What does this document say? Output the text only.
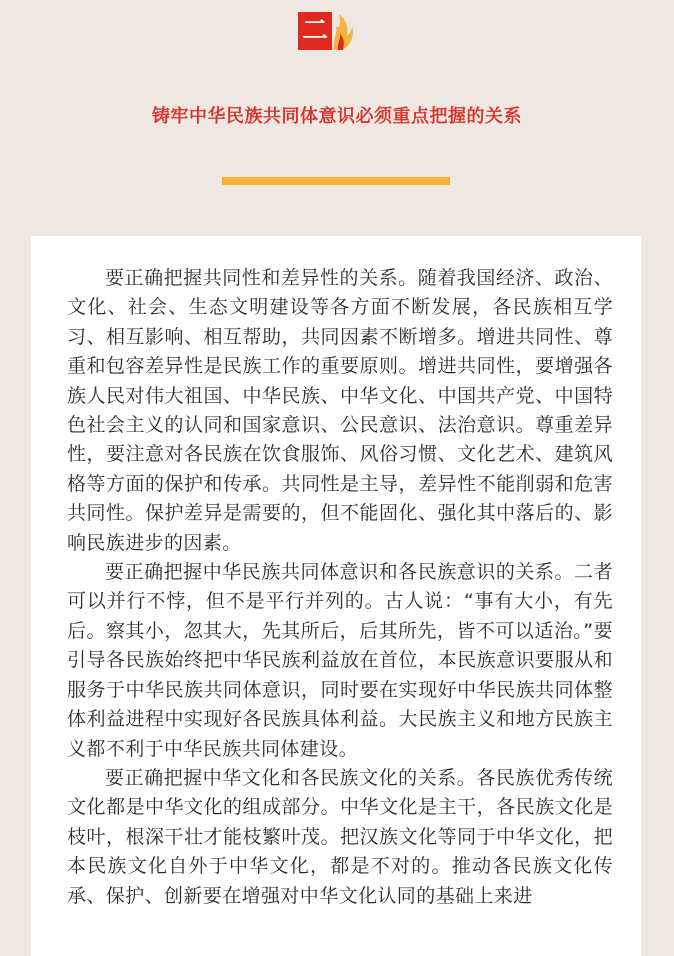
二
铸牢中华民族共同体意识必须重点把握的关系

要正确把握共同性和差异性的关系。随着我国经济、政治、文化、社会、生态文明建设等各方面不断发展，各民族相互学习、相互影响、相互帮助，共同因素不断增多。增进共同性、尊重和包容差异性是民族工作的重要原则。增进共同性，要增强各族人民对伟大祖国、中华民族、中华文化、中国共产党、中国特色社会主义的认同和国家意识、公民意识、法治意识。尊重差异性，要注意对各民族在饮食服饰、风俗习惯、文化艺术、建筑风格等方面的保护和传承。共同性是主导，差异性不能削弱和危害共同性。保护差异是需要的，但不能固化、强化其中落后的、影响民族进步的因素。

要正确把握中华民族共同体意识和各民族意识的关系。二者可以并行不悖，但不是平行并列的。古人说：“事有大小，有先后。察其小，忽其大，先其所后，后其所先，皆不可以适治。”要引导各民族始终把中华民族利益放在首位，本民族意识要服从和服务于中华民族共同体意识，同时要在实现好中华民族共同体整体利益进程中实现好各民族具体利益。大民族主义和地方民族主义都不利于中华民族共同体建设。

要正确把握中华文化和各民族文化的关系。各民族优秀传统文化都是中华文化的组成部分。中华文化是主干，各民族文化是枝叶，根深干壮才能枝繁叶茂。把汉族文化等同于中华文化，把本民族文化自外于中华文化，都是不对的。推动各民族文化传承、保护、创新要在增强对中华文化认同的基础上来进
